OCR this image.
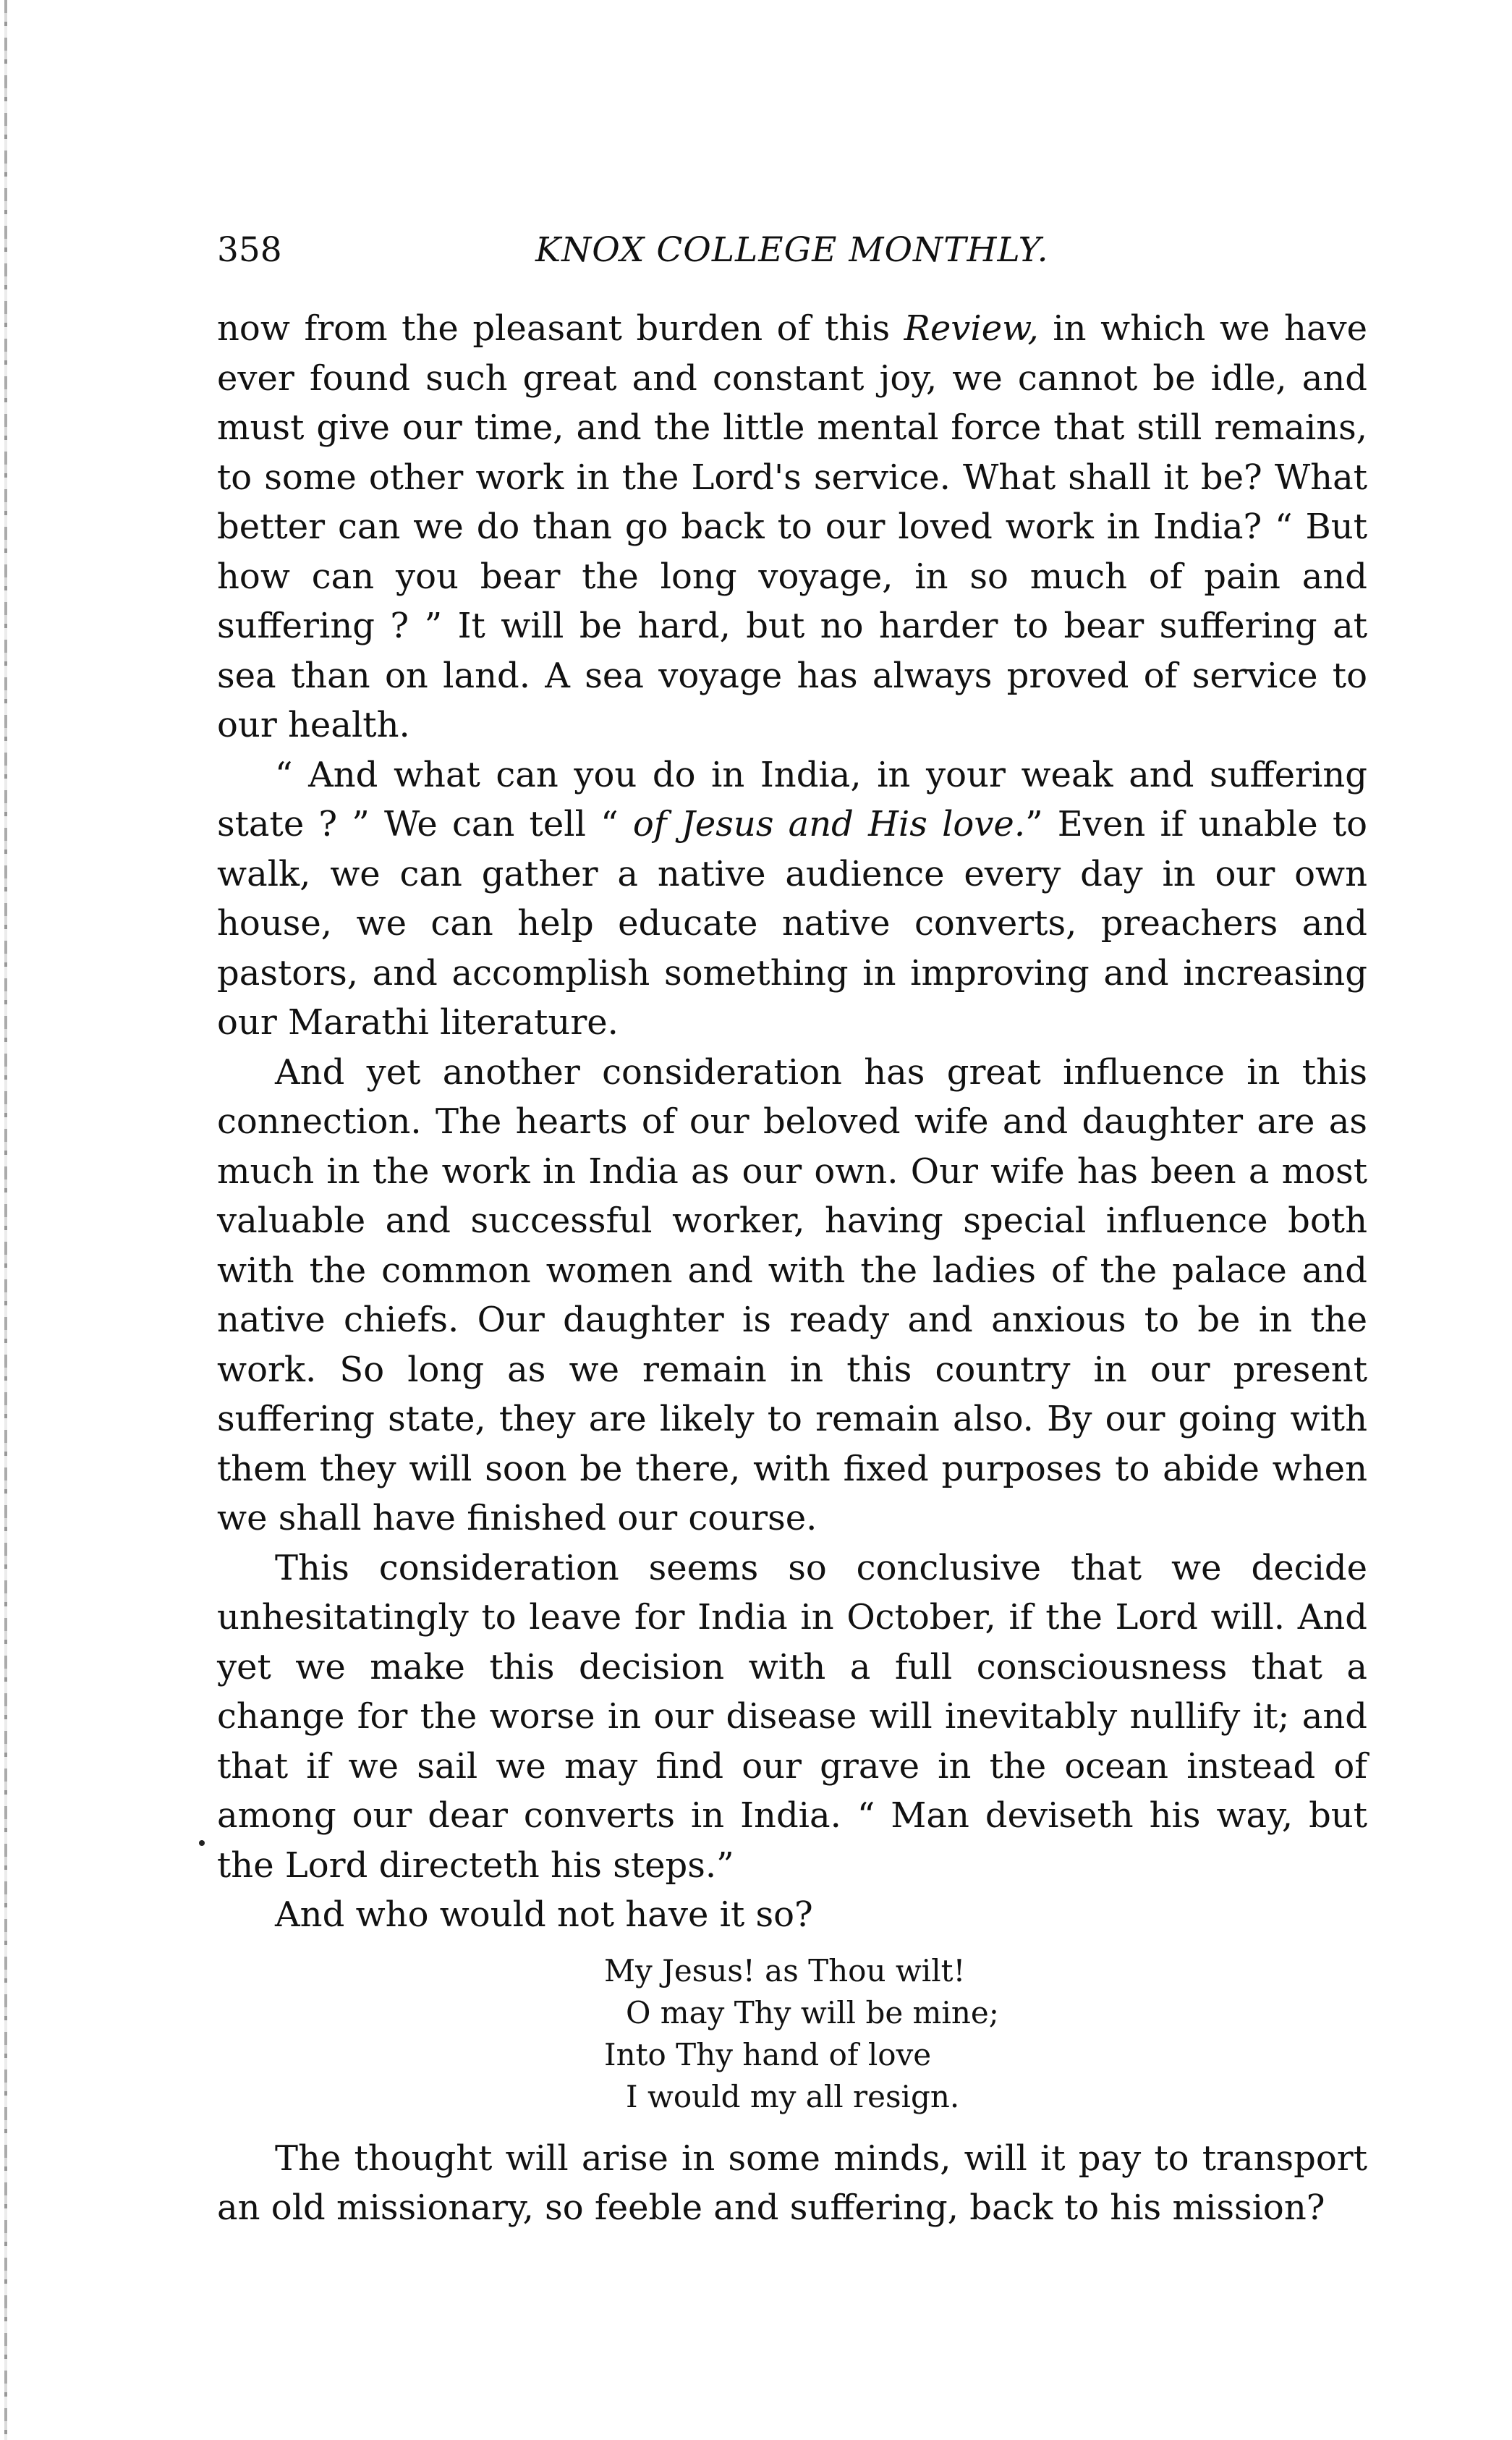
358	KNOX COLLEGE MONTHLY.

now from the pleasant burden of this Review, in which we have ever found such great and constant joy, we cannot be idle, and must give our time, and the little mental force that still remains, to some other work in the Lord's service. What shall it be? What better can we do than go back to our loved work in India? “ But how can you bear the long voyage, in so much of pain and suffering ? ” It will be hard, but no harder to bear suffering at sea than on land. A sea voyage has always proved of service to our health.

“ And what can you do in India, in your weak and suffering state ? ” We can tell “ of Jesus and His love.” Even if unable to walk, we can gather a native audience every day in our own house, we can help educate native converts, preachers and pastors, and accomplish something in improving and increasing our Marathi literature.

And yet another consideration has great influence in this connection. The hearts of our beloved wife and daughter are as much in the work in India as our own. Our wife has been a most valuable and successful worker, having special influence both with the common women and with the ladies of the palace and native chiefs. Our daughter is ready and anxious to be in the work. So long as we remain in this country in our present suffering state, they are likely to remain also. By our going with them they will soon be there, with fixed purposes to abide when we shall have finished our course.

This consideration seems so conclusive that we decide unhesitatingly to leave for India in October, if the Lord will. And yet we make this decision with a full consciousness that a change for the worse in our disease will inevitably nullify it; and that if we sail we may find our grave in the ocean instead of among our dear converts in India. “ Man deviseth his way, but the Lord directeth his steps.”

And who would not have it so?

My Jesus! as Thou wilt!
O may Thy will be mine;
Into Thy hand of love
I would my all resign.

The thought will arise in some minds, will it pay to transport an old missionary, so feeble and suffering, back to his mission?
